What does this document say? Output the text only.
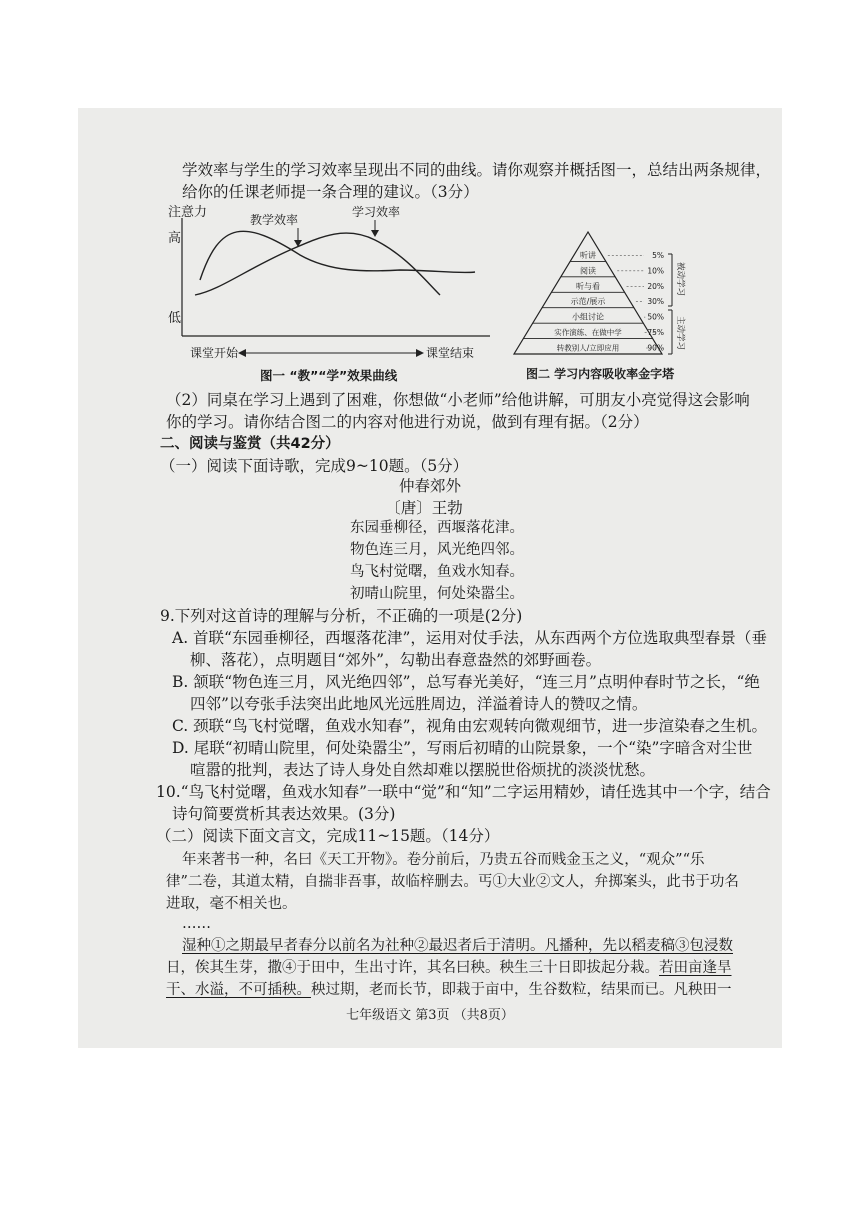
学效率与学生的学习效率呈现出不同的曲线。请你观察并概括图一，总结出两条规律，
给你的任课老师提一条合理的建议。（3分）
注意力
高
低
教学效率
学习效率
课堂开始	课堂结束
图一 “教”“学”效果曲线
听讲	5%
阅读	10%
听与看	20%
示范/展示	30%
小组讨论	50%
实作演练、在做中学	75%
转教别人/立即应用	90%
被动学习
主动学习
图二 学习内容吸收率金字塔
（2）同桌在学习上遇到了困难，你想做“小老师”给他讲解，可朋友小亮觉得这会影响
你的学习。请你结合图二的内容对他进行劝说，做到有理有据。（2分）
二、阅读与鉴赏（共42分）
（一）阅读下面诗歌，完成9~10题。（5分）
仲春郊外
〔唐〕王勃
东园垂柳径，西堰落花津。
物色连三月，风光绝四邻。
鸟飞村觉曙，鱼戏水知春。
初晴山院里，何处染嚣尘。
9.下列对这首诗的理解与分析，不正确的一项是(2分)
A. 首联“东园垂柳径，西堰落花津”，运用对仗手法，从东西两个方位选取典型春景（垂
柳、落花），点明题目“郊外”，勾勒出春意盎然的郊野画卷。
B. 颔联“物色连三月，风光绝四邻”，总写春光美好，“连三月”点明仲春时节之长，“绝
四邻”以夸张手法突出此地风光远胜周边，洋溢着诗人的赞叹之情。
C. 颈联“鸟飞村觉曙，鱼戏水知春”，视角由宏观转向微观细节，进一步渲染春之生机。
D. 尾联“初晴山院里，何处染嚣尘”，写雨后初晴的山院景象，一个“染”字暗含对尘世
喧嚣的批判，表达了诗人身处自然却难以摆脱世俗烦扰的淡淡忧愁。
10.“鸟飞村觉曙，鱼戏水知春”一联中“觉”和“知”二字运用精妙，请任选其中一个字，结合
诗句简要赏析其表达效果。(3分)
（二）阅读下面文言文，完成11~15题。（14分）
年来著书一种，名曰《天工开物》。卷分前后，乃贵五谷而贱金玉之义，“观众”“乐
律”二卷，其道太精，自揣非吾事，故临梓删去。丐①大业②文人，弁掷案头，此书于功名
进取，毫不相关也。
……
湿种①之期最早者春分以前名为社种②最迟者后于清明。凡播种，先以稻麦稿③包浸数
日，俟其生芽，撒④于田中，生出寸许，其名曰秧。秧生三十日即拔起分栽。若田亩逢旱
干、水溢，不可插秧。秧过期，老而长节，即栽于亩中，生谷数粒，结果而已。凡秧田一
七年级语文 第3页 （共8页）
